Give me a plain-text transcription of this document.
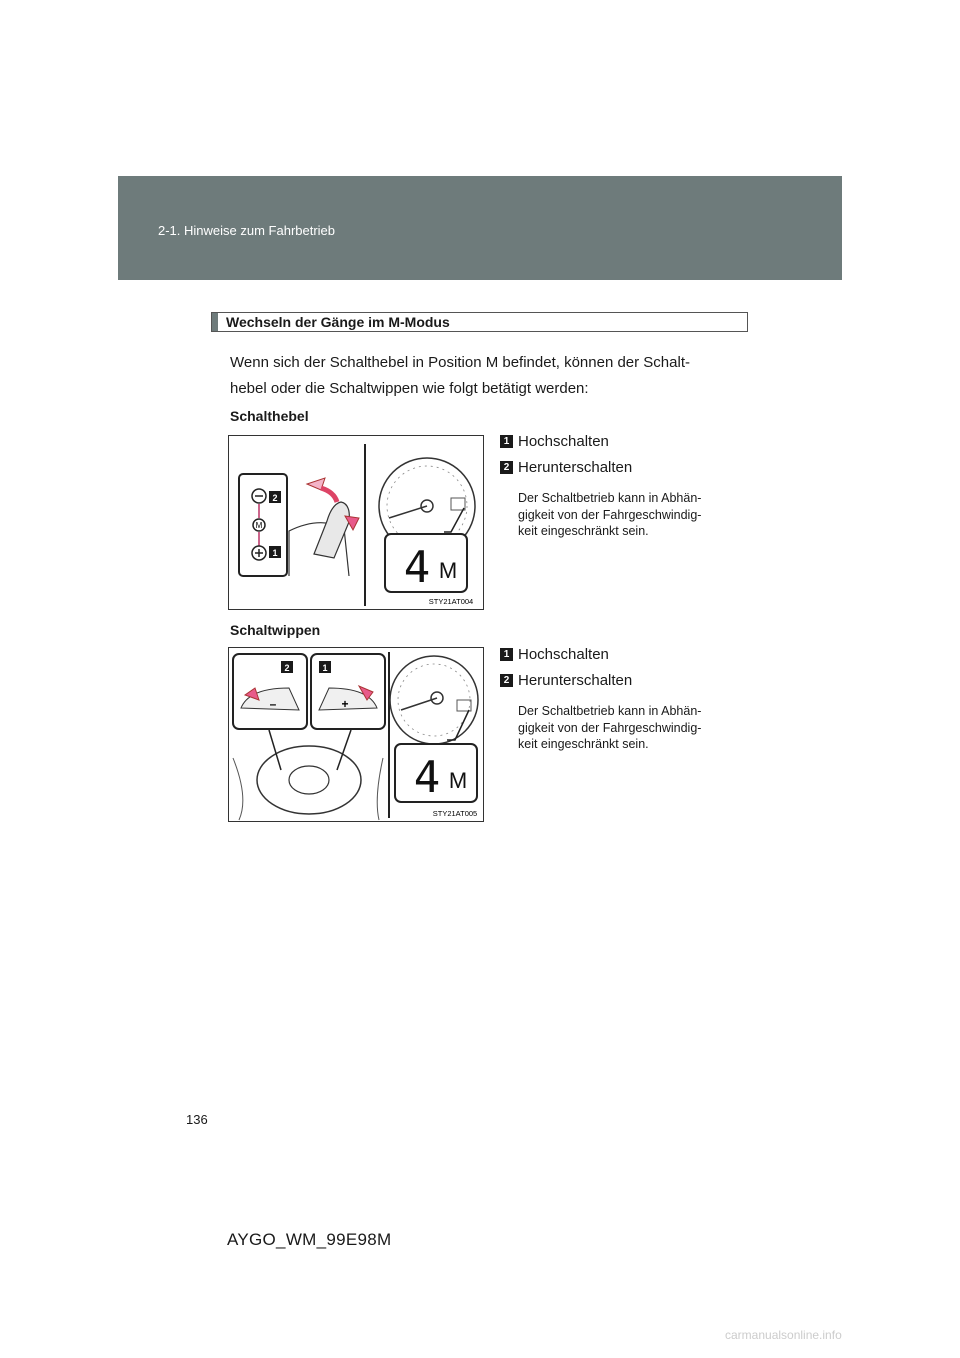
2-1. Hinweise zum Fahrbetrieb
Wechseln der Gänge im M-Modus
Wenn sich der Schalthebel in Position M befindet, können der Schalt-
hebel oder die Schaltwippen wie folgt betätigt werden:
Schalthebel
1 Hochschalten
2 Herunterschalten
Der Schaltbetrieb kann in Abhän-
gigkeit von der Fahrgeschwindig-
keit eingeschränkt sein.
M
2
1	4 M
STY21AT004
Schaltwippen
1 Hochschalten
2 Herunterschalten
Der Schaltbetrieb kann in Abhän-
gigkeit von der Fahrgeschwindig-
keit eingeschränkt sein.
2	1
–	+
4 M
STY21AT005
136
AYGO_WM_99E98M
carmanualsonline.info
